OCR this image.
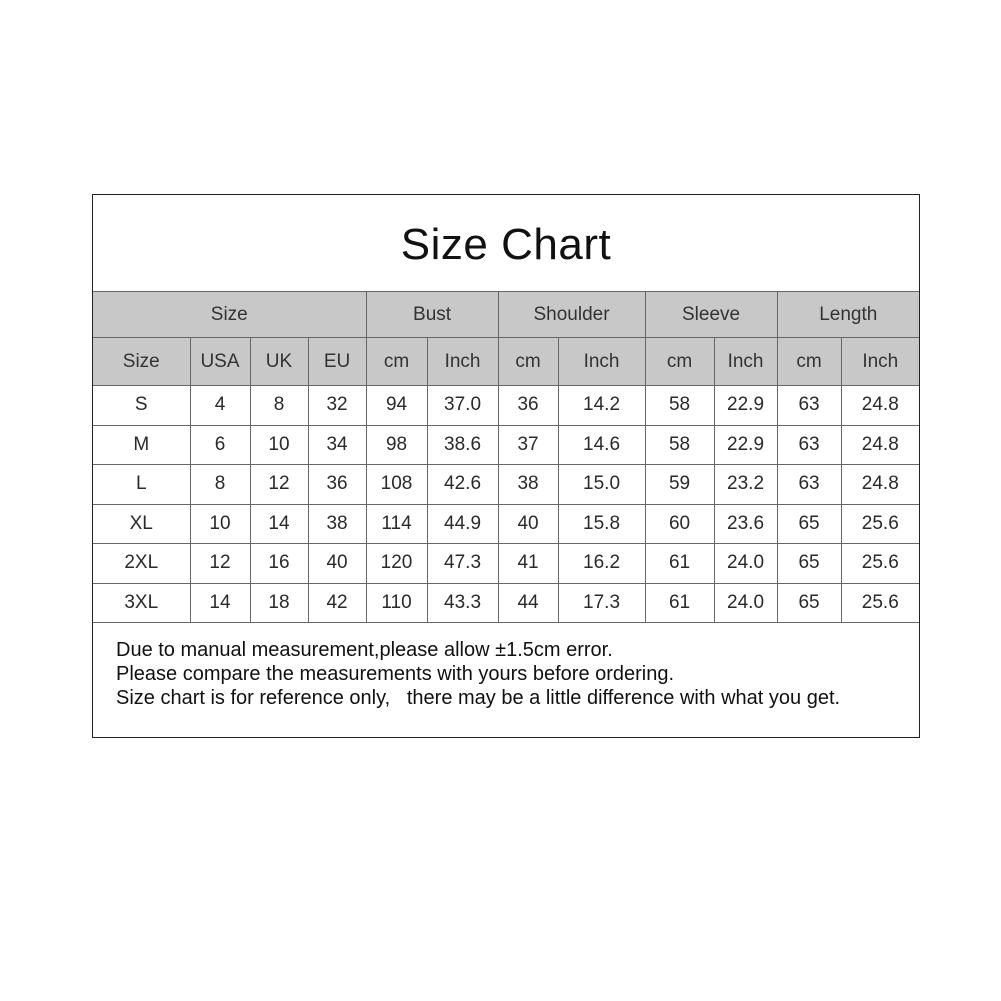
Size Chart
Size				Bust		Shoulder		Sleeve		Length	
Size	USA	UK	EU	cm	Inch	cm	Inch	cm	Inch	cm	Inch
S	4	8	32	94	37.0	36	14.2	58	22.9	63	24.8
M	6	10	34	98	38.6	37	14.6	58	22.9	63	24.8
L	8	12	36	108	42.6	38	15.0	59	23.2	63	24.8
XL	10	14	38	114	44.9	40	15.8	60	23.6	65	25.6
2XL	12	16	40	120	47.3	41	16.2	61	24.0	65	25.6
3XL	14	18	42	110	43.3	44	17.3	61	24.0	65	25.6
Due to manual measurement,please allow ±1.5cm error.
Please compare the measurements with yours before ordering.
Size chart is for reference only,   there may be a little difference with what you get.
